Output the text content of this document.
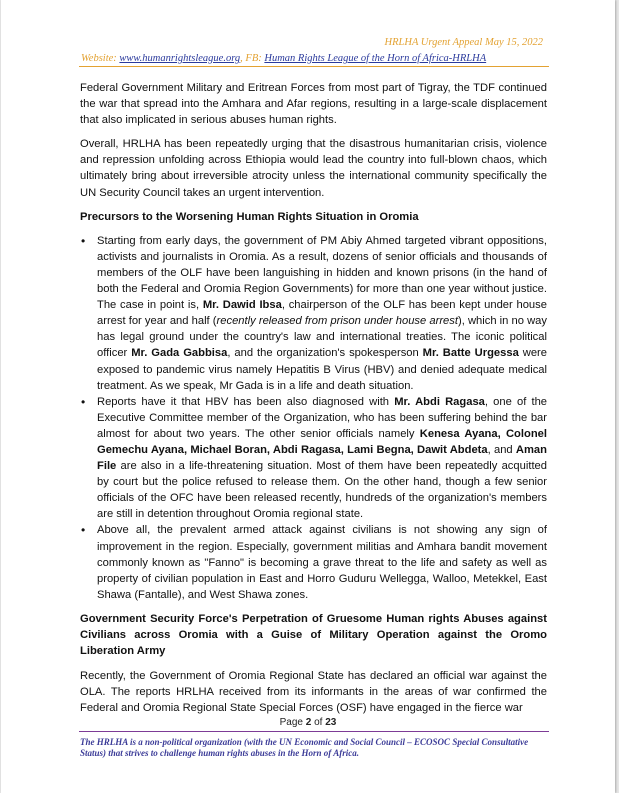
HRLHA Urgent Appeal May 15, 2022
Website: www.humanrightsleague.org, FB: Human Rights League of the Horn of Africa-HRLHA

Federal Government Military and Eritrean Forces from most part of Tigray, the TDF continued the war that spread into the Amhara and Afar regions, resulting in a large-scale displacement that also implicated in serious abuses human rights.

Overall, HRLHA has been repeatedly urging that the disastrous humanitarian crisis, violence and repression unfolding across Ethiopia would lead the country into full-blown chaos, which ultimately bring about irreversible atrocity unless the international community specifically the UN Security Council takes an urgent intervention.

Precursors to the Worsening Human Rights Situation in Oromia

• Starting from early days, the government of PM Abiy Ahmed targeted vibrant oppositions, activists and journalists in Oromia. As a result, dozens of senior officials and thousands of members of the OLF have been languishing in hidden and known prisons (in the hand of both the Federal and Oromia Region Governments) for more than one year without justice. The case in point is, Mr. Dawid Ibsa, chairperson of the OLF has been kept under house arrest for year and half (recently released from prison under house arrest), which in no way has legal ground under the country's law and international treaties. The iconic political officer Mr. Gada Gabbisa, and the organization's spokesperson Mr. Batte Urgessa were exposed to pandemic virus namely Hepatitis B Virus (HBV) and denied adequate medical treatment. As we speak, Mr Gada is in a life and death situation.
• Reports have it that HBV has been also diagnosed with Mr. Abdi Ragasa, one of the Executive Committee member of the Organization, who has been suffering behind the bar almost for about two years. The other senior officials namely Kenesa Ayana, Colonel Gemechu Ayana, Michael Boran, Abdi Ragasa, Lami Begna, Dawit Abdeta, and Aman File are also in a life-threatening situation. Most of them have been repeatedly acquitted by court but the police refused to release them. On the other hand, though a few senior officials of the OFC have been released recently, hundreds of the organization's members are still in detention throughout Oromia regional state.
• Above all, the prevalent armed attack against civilians is not showing any sign of improvement in the region. Especially, government militias and Amhara bandit movement commonly known as "Fanno" is becoming a grave threat to the life and safety as well as property of civilian population in East and Horro Guduru Wellegga, Walloo, Metekkel, East Shawa (Fantalle), and West Shawa zones.

Government Security Force's Perpetration of Gruesome Human rights Abuses against Civilians across Oromia with a Guise of Military Operation against the Oromo Liberation Army

Recently, the Government of Oromia Regional State has declared an official war against the OLA. The reports HRLHA received from its informants in the areas of war confirmed the Federal and Oromia Regional State Special Forces (OSF) have engaged in the fierce war

Page 2 of 23
The HRLHA is a non-political organization (with the UN Economic and Social Council – ECOSOC Special Consultative Status) that strives to challenge human rights abuses in the Horn of Africa.
